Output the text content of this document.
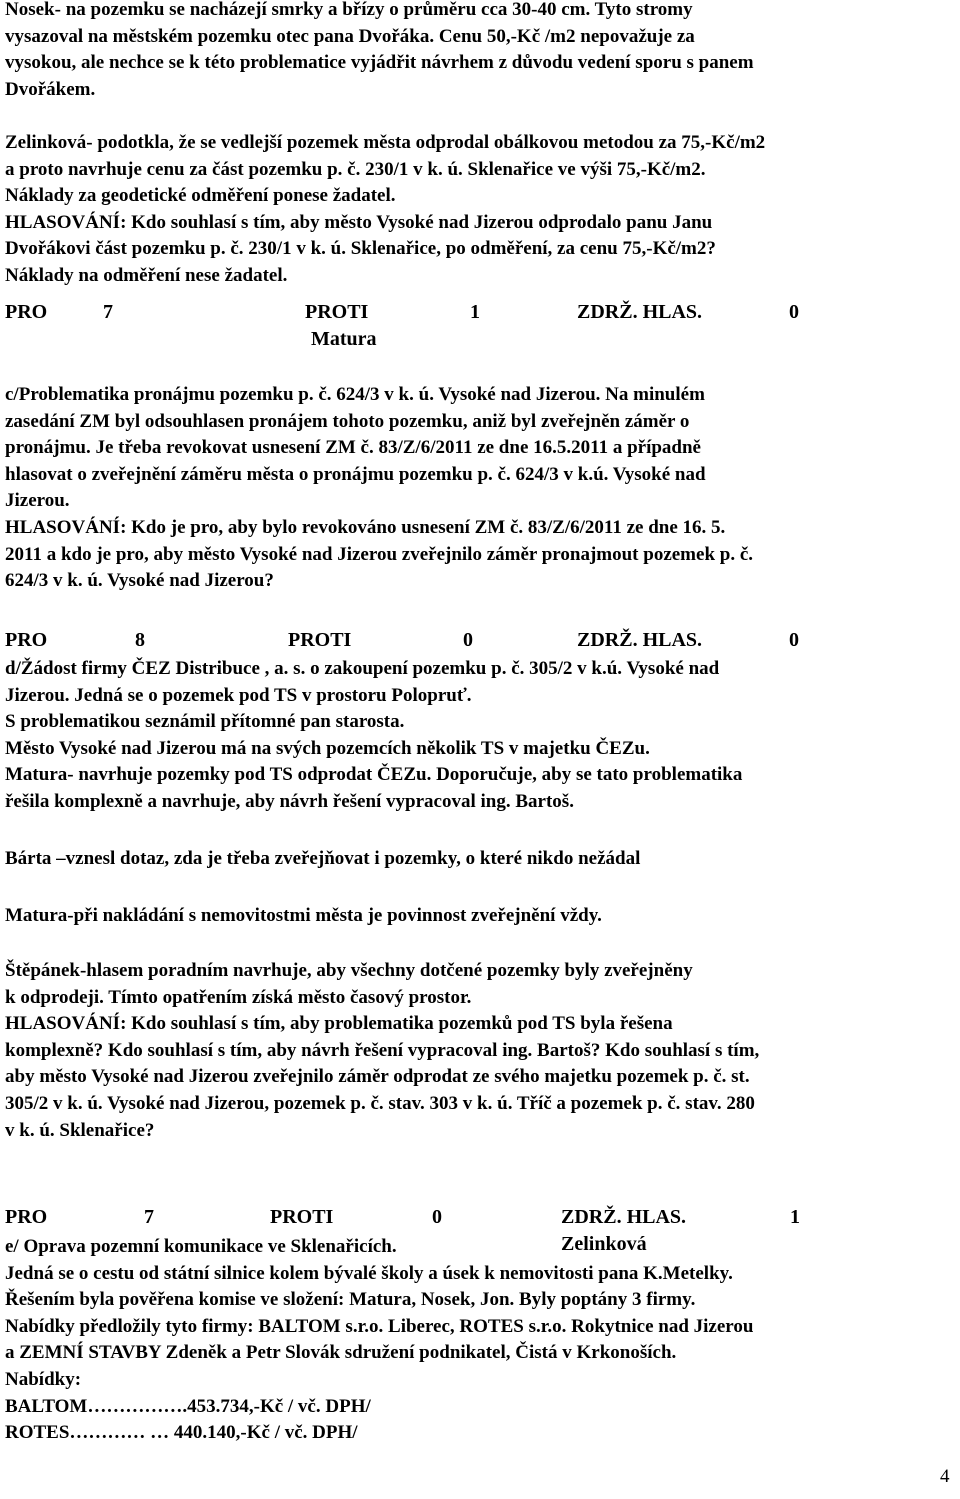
Nosek- na pozemku se nacházejí smrky a břízy o průměru cca 30-40 cm. Tyto stromy
vysazoval na městském pozemku otec pana Dvořáka. Cenu 50,-Kč /m2 nepovažuje za
vysokou, ale nechce se k této problematice vyjádřit návrhem z důvodu vedení sporu s panem
Dvořákem.
Zelinková- podotkla, že se vedlejší pozemek města odprodal obálkovou metodou za 75,-Kč/m2
a proto navrhuje cenu za část pozemku p. č. 230/1 v k. ú. Sklenařice ve výši 75,-Kč/m2.
Náklady za geodetické odměření ponese žadatel.
HLASOVÁNÍ: Kdo souhlasí s tím, aby město Vysoké nad Jizerou odprodalo panu Janu
Dvořákovi část pozemku p. č. 230/1 v k. ú. Sklenařice, po odměření, za cenu 75,-Kč/m2?
Náklady na odměření nese žadatel.
PRO	7	PROTI	1	ZDRŽ. HLAS.	0
Matura
c/Problematika pronájmu pozemku p. č. 624/3 v k. ú. Vysoké nad Jizerou. Na minulém
zasedání ZM byl odsouhlasen pronájem tohoto pozemku, aniž byl zveřejněn záměr o
pronájmu. Je třeba revokovat usnesení ZM č. 83/Z/6/2011 ze dne 16.5.2011 a případně
hlasovat o zveřejnění záměru města o pronájmu pozemku p. č. 624/3 v k.ú. Vysoké nad
Jizerou.
HLASOVÁNÍ: Kdo je pro, aby bylo revokováno usnesení ZM č. 83/Z/6/2011 ze dne 16. 5.
2011 a kdo je pro, aby město Vysoké nad Jizerou zveřejnilo záměr pronajmout pozemek p. č.
624/3 v k. ú. Vysoké nad Jizerou?
PRO	8	PROTI	0	ZDRŽ. HLAS.	0
d/Žádost firmy ČEZ Distribuce , a. s. o zakoupení pozemku p. č. 305/2 v k.ú. Vysoké nad
Jizerou. Jedná se o pozemek pod TS v prostoru Polopruť.
S problematikou seznámil přítomné pan starosta.
Město Vysoké nad Jizerou má na svých pozemcích několik TS v majetku ČEZu.
Matura- navrhuje pozemky pod TS odprodat ČEZu. Doporučuje, aby se tato problematika
řešila komplexně a navrhuje, aby návrh řešení vypracoval ing. Bartoš.
Bárta –vznesl dotaz, zda je třeba zveřejňovat i pozemky, o které nikdo nežádal
Matura-při nakládání s nemovitostmi města je povinnost zveřejnění vždy.
Štěpánek-hlasem poradním navrhuje, aby všechny dotčené pozemky byly zveřejněny
k odprodeji. Tímto opatřením získá město časový prostor.
HLASOVÁNÍ: Kdo souhlasí s tím, aby problematika pozemků pod TS byla řešena
komplexně? Kdo souhlasí s tím, aby návrh řešení vypracoval ing. Bartoš? Kdo souhlasí s tím,
aby město Vysoké nad Jizerou zveřejnilo záměr odprodat ze svého majetku pozemek p. č. st.
305/2 v k. ú. Vysoké nad Jizerou, pozemek p. č. stav. 303 v k. ú. Tříč a pozemek p. č. stav. 280
v k. ú. Sklenařice?
PRO	7	PROTI	0	ZDRŽ. HLAS.	1
Zelinková
e/ Oprava pozemní komunikace ve Sklenařicích.
Jedná se o cestu od státní silnice kolem bývalé školy a úsek k nemovitosti pana K.Metelky.
Řešením byla pověřena komise ve složení: Matura, Nosek, Jon. Byly poptány 3 firmy.
Nabídky předložily tyto firmy: BALTOM s.r.o. Liberec, ROTES s.r.o. Rokytnice nad Jizerou
a ZEMNÍ STAVBY Zdeněk a Petr Slovák sdružení podnikatel, Čistá v Krkonoších.
Nabídky:
BALTOM…………….453.734,-Kč / vč. DPH/
ROTES………… … 440.140,-Kč / vč. DPH/
4
